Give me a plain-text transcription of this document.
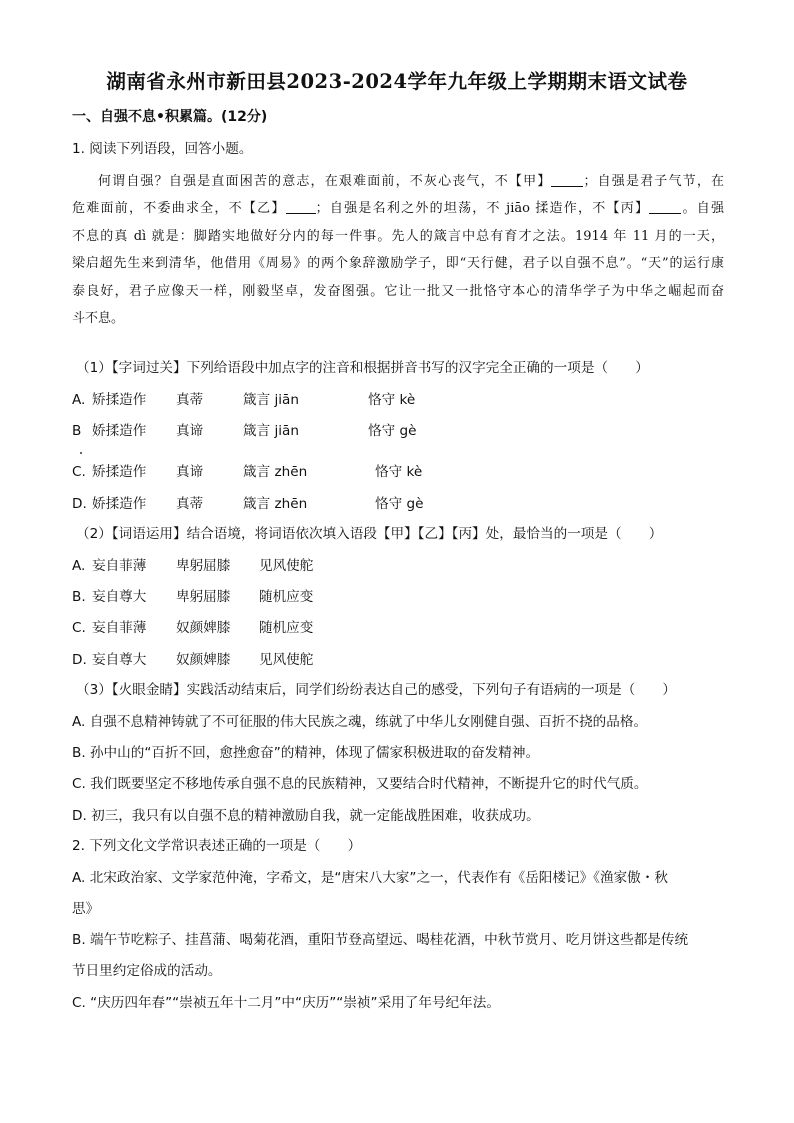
湖南省永州市新田县2023-2024学年九年级上学期期末语文试卷
一、自强不息•积累篇。(12分)
1. 阅读下列语段，回答小题。
何谓自强？自强是直面困苦的意志，在艰难面前，不灰心丧气，不【甲】 ；自强是君子气节，在
危难面前，不委曲求全，不【乙】 ；自强是名利之外的坦荡，不 jiāo 揉造作，不【丙】 。自强
不息的真 dì 就是：脚踏实地做好分内的每一件事。先人的箴言中总有育才之法。1914 年 11 月的一天，
梁启超先生来到清华，他借用《周易》的两个象辞激励学子，即“天行健，君子以自强不息”。“天”的运行康
泰良好，君子应像天一样，刚毅坚卓，发奋图强。它让一批又一批恪守本心的清华学子为中华之崛起而奋
斗不息。
（1）【字词过关】下列给语段中加点字的注音和根据拼音书写的汉字完全正确的一项是（　　）
A. 矫揉造作 真蒂	箴言 jiān	恪守 kè
B 娇揉造作 真谛	箴言 jiān	恪守 gè
C. 矫揉造作 真谛	箴言 zhēn	恪守 kè
D. 娇揉造作 真蒂	箴言 zhēn	恪守 gè
（2）【词语运用】结合语境，将词语依次填入语段【甲】【乙】【丙】处，最恰当的一项是（　　）
A. 妄自菲薄 卑躬屈膝 见风使舵
B. 妄自尊大 卑躬屈膝 随机应变
C. 妄自菲薄 奴颜婢膝 随机应变
D. 妄自尊大 奴颜婢膝 见风使舵
（3）【火眼金睛】实践活动结束后，同学们纷纷表达自己的感受，下列句子有语病的一项是（　　）
A. 自强不息精神铸就了不可征服的伟大民族之魂，练就了中华儿女刚健自强、百折不挠的品格。
B. 孙中山的“百折不回，愈挫愈奋”的精神，体现了儒家积极进取的奋发精神。
C. 我们既要坚定不移地传承自强不息的民族精神，又要结合时代精神，不断提升它的时代气质。
D. 初三，我只有以自强不息的精神激励自我，就一定能战胜困难，收获成功。
2. 下列文化文学常识表述正确的一项是（　　）
A. 北宋政治家、文学家范仲淹，字希文，是“唐宋八大家”之一，代表作有《岳阳楼记》《渔家傲・秋
思》
B. 端午节吃粽子、挂菖蒲、喝菊花酒，重阳节登高望远、喝桂花酒，中秋节赏月、吃月饼这些都是传统
节日里约定俗成的活动。
C. “庆历四年春”“崇祯五年十二月”中“庆历”“崇祯”采用了年号纪年法。
